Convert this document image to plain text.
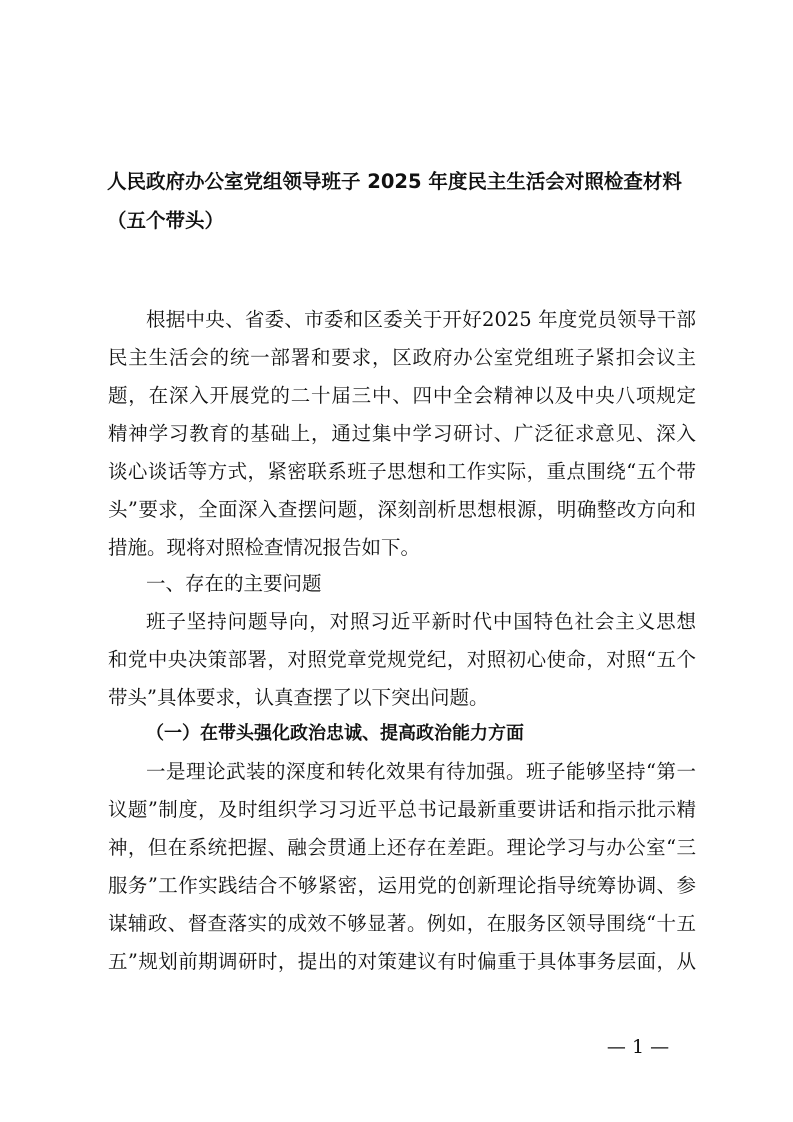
人民政府办公室党组领导班子 2025 年度民主生活会对照检查材料
（五个带头）
根据中央、省委、市委和区委关于开好2025 年度党员领导干部
民主生活会的统一部署和要求，区政府办公室党组班子紧扣会议主
题，在深入开展党的二十届三中、四中全会精神以及中央八项规定
精神学习教育的基础上，通过集中学习研讨、广泛征求意见、深入
谈心谈话等方式，紧密联系班子思想和工作实际，重点围绕“五个带
头”要求，全面深入查摆问题，深刻剖析思想根源，明确整改方向和
措施。现将对照检查情况报告如下。
一、存在的主要问题
班子坚持问题导向，对照习近平新时代中国特色社会主义思想
和党中央决策部署，对照党章党规党纪，对照初心使命，对照“五个
带头”具体要求，认真查摆了以下突出问题。
（一）在带头强化政治忠诚、提高政治能力方面
一是理论武装的深度和转化效果有待加强。班子能够坚持“第一
议题”制度，及时组织学习习近平总书记最新重要讲话和指示批示精
神，但在系统把握、融会贯通上还存在差距。理论学习与办公室“三
服务”工作实践结合不够紧密，运用党的创新理论指导统筹协调、参
谋辅政、督查落实的成效不够显著。例如，在服务区领导围绕“十五
五”规划前期调研时，提出的对策建议有时偏重于具体事务层面，从
— 1 —
